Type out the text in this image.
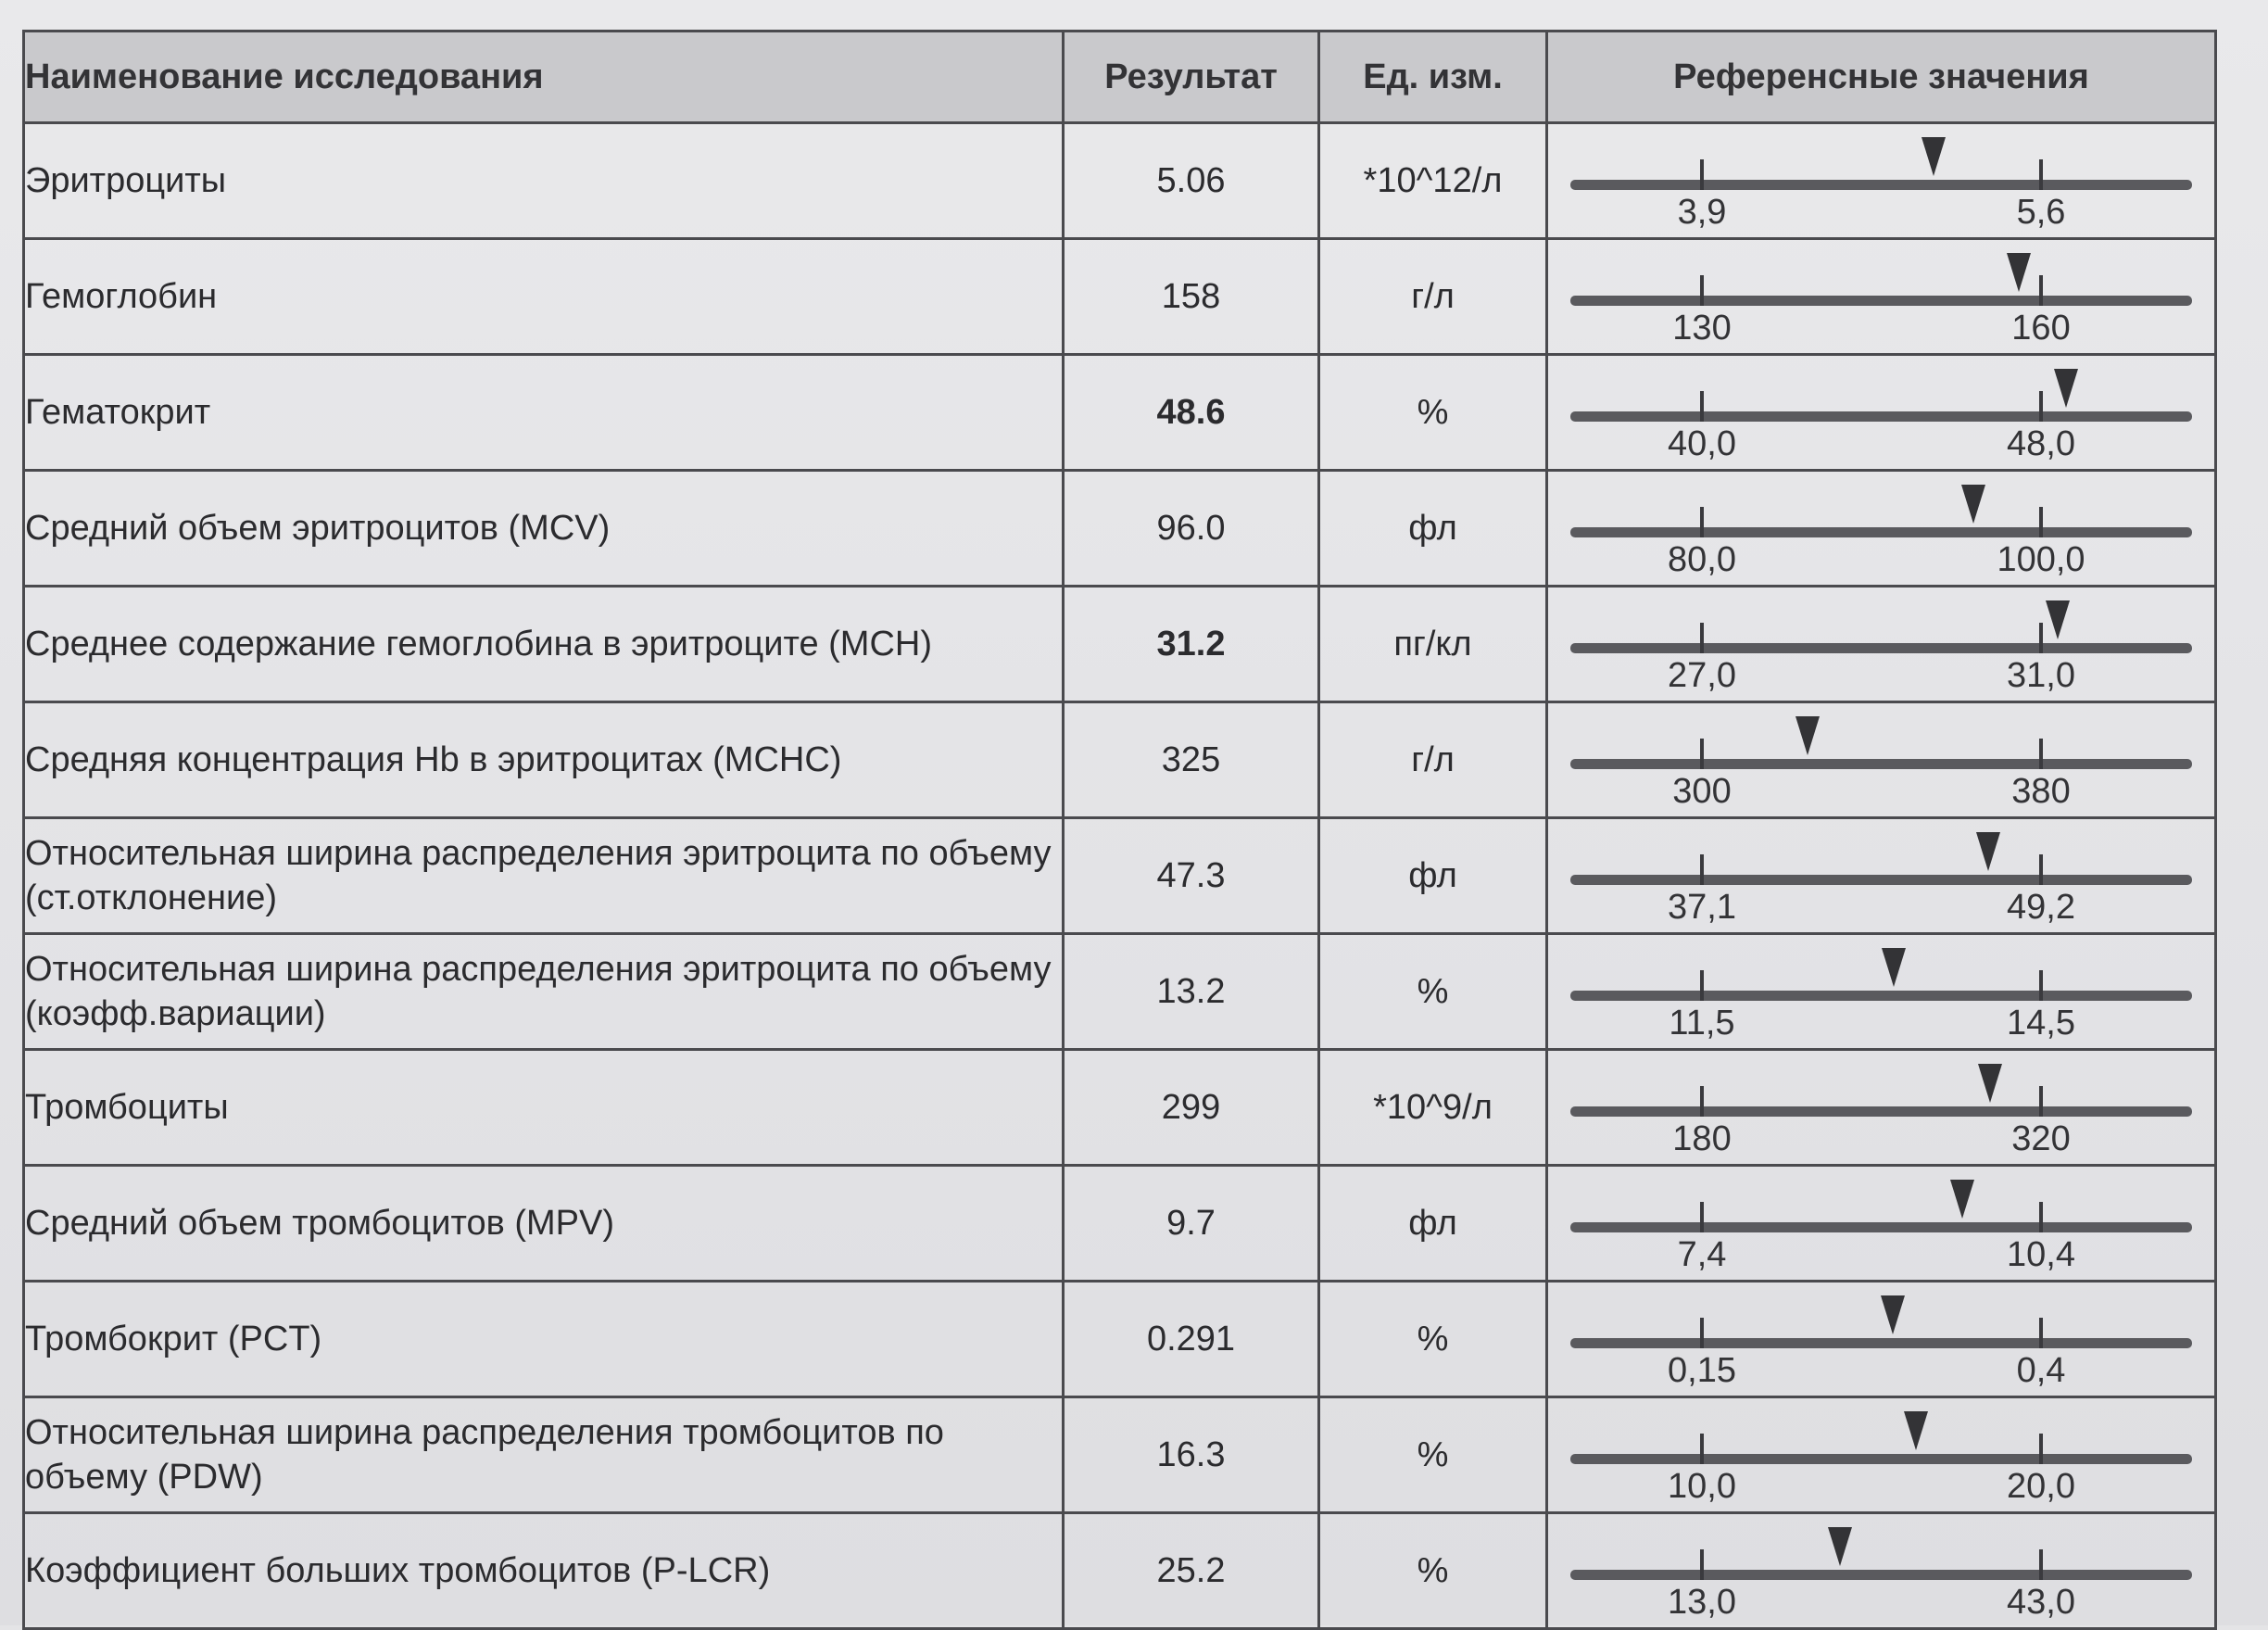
Наименование исследования	Результат	Ед. изм.	Референсные значения
Эритроциты	5.06	*10^12/л	3,9 5,6

Гемоглобин	158	г/л	130 160

Гематокрит	48.6	%	40,0 48,0

Средний объем эритроцитов (MCV)	96.0	фл	80,0 100,0

Среднее содержание гемоглобина в эритроците (MCH)	31.2	пг/кл	27,0 31,0

Средняя концентрация Hb в эритроцитах (MCHC)	325	г/л	300 380

Относительная ширина распределения эритроцита по объему (ст.отклонение)	47.3	фл	37,1 49,2

Относительная ширина распределения эритроцита по объему (коэфф.вариации)	13.2	%	11,5 14,5

Тромбоциты	299	*10^9/л	180 320

Средний объем тромбоцитов (MPV)	9.7	фл	7,4 10,4

Тромбокрит (PCT)	0.291	%	0,15 0,4

Относительная ширина распределения тромбоцитов по объему (PDW)	16.3	%	10,0 20,0

Коэффициент больших тромбоцитов (P-LCR)	25.2	%	13,0 43,0
